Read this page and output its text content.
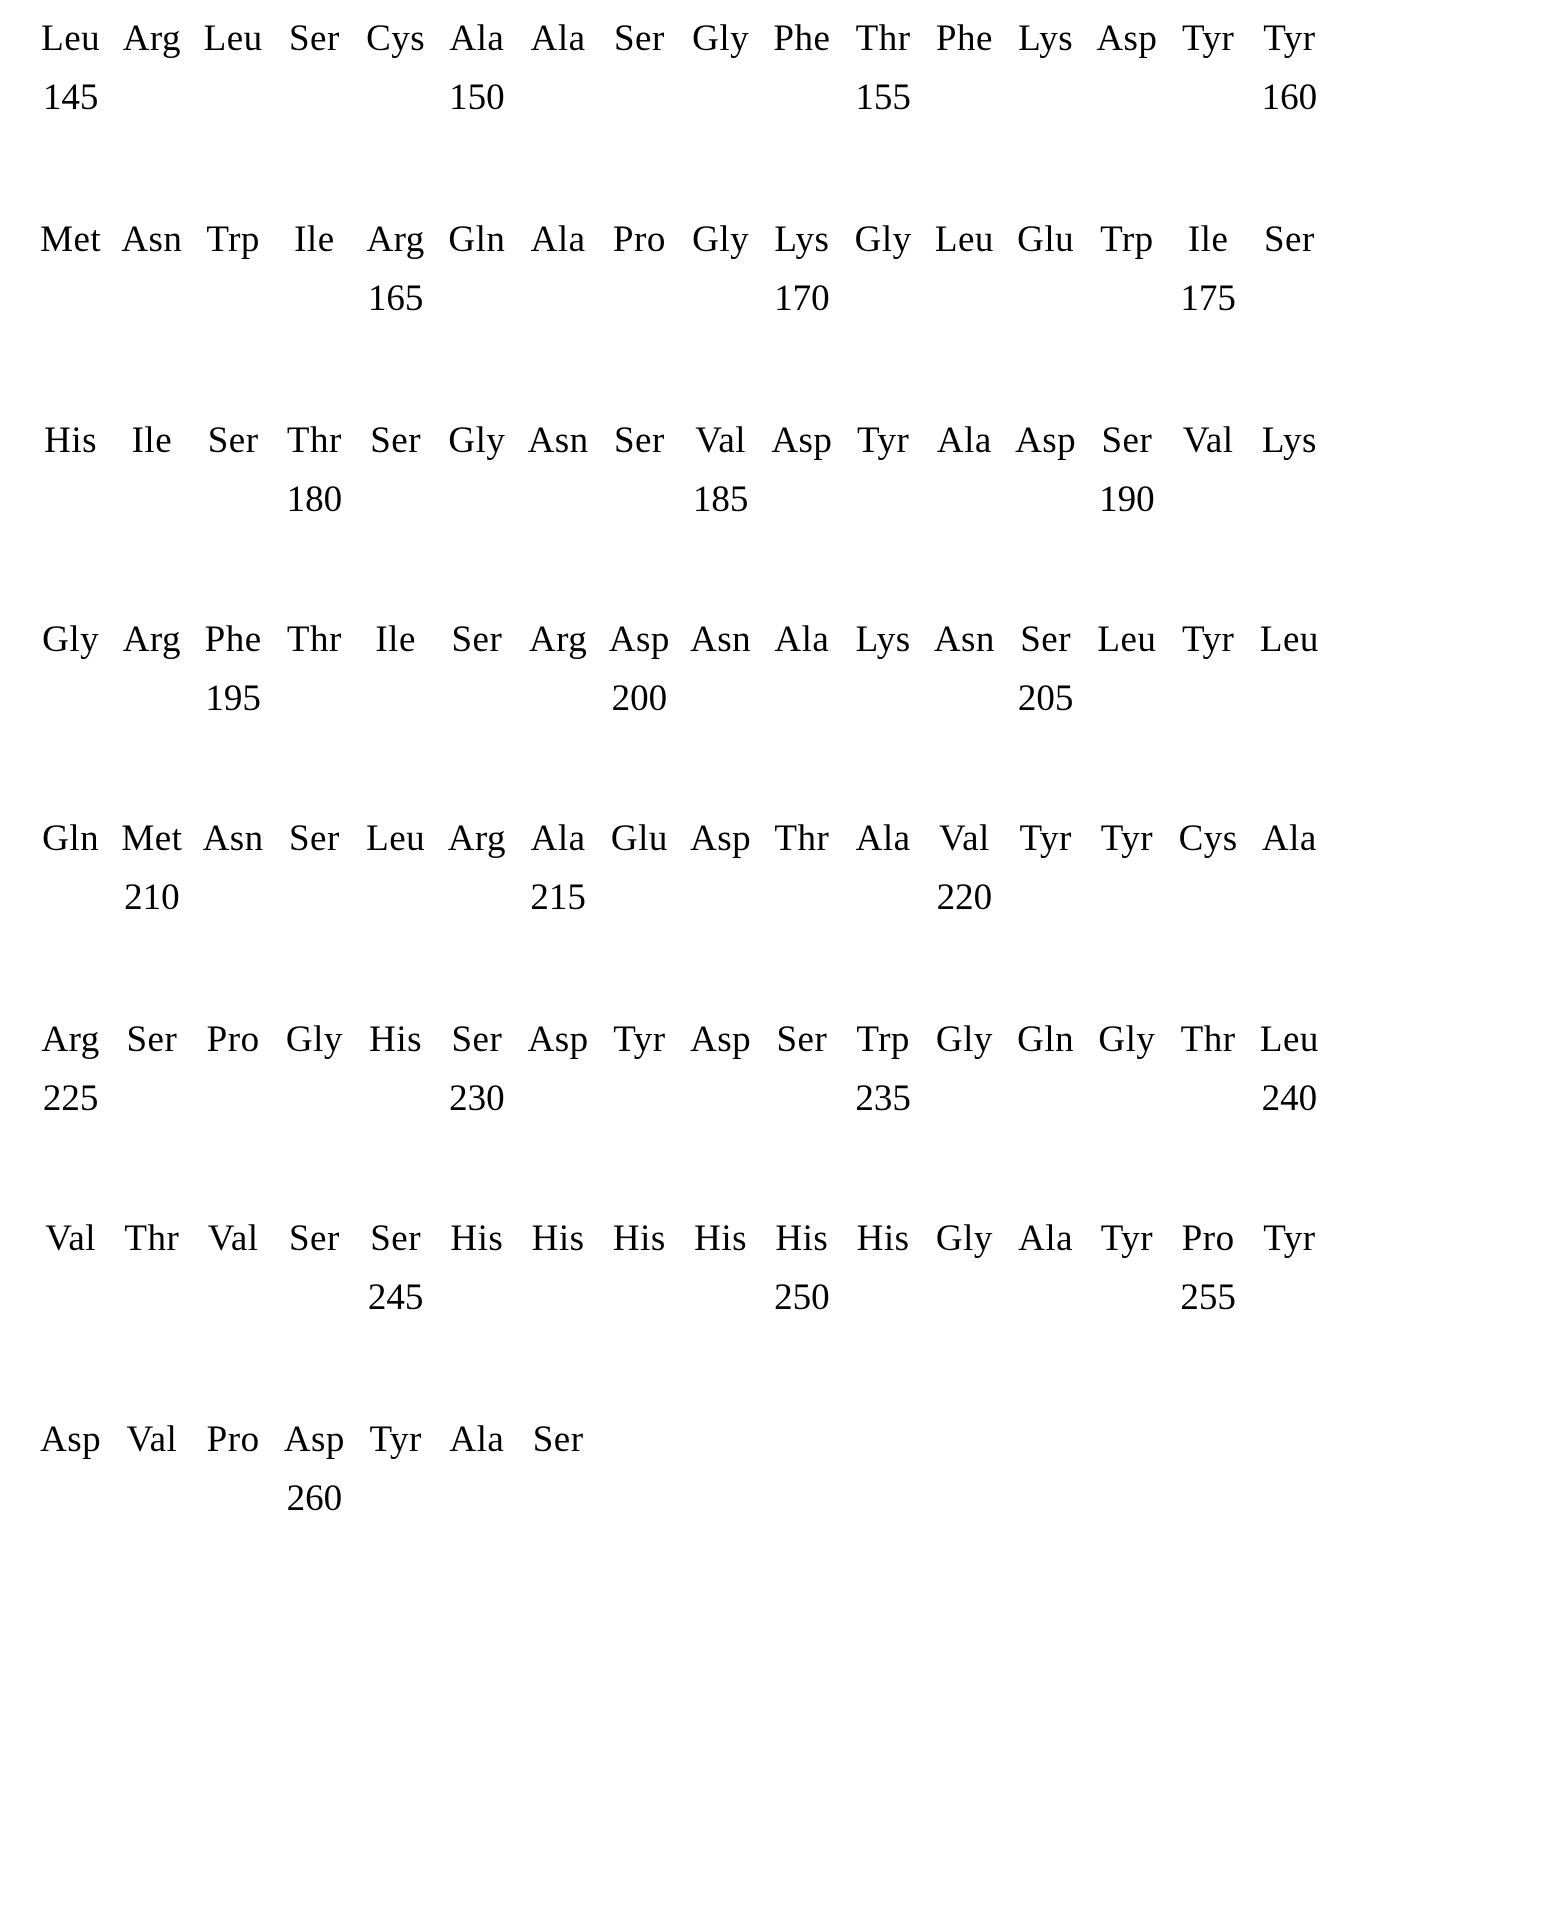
Leu Arg Leu Ser Cys Ala Ala Ser Gly Phe Thr Phe Lys Asp Tyr Tyr
145	150	155	160
Met Asn Trp Ile Arg Gln Ala Pro Gly Lys Gly Leu Glu Trp Ile Ser
165	170	175
His Ile Ser Thr Ser Gly Asn Ser Val Asp Tyr Ala Asp Ser Val Lys
180	185	190
Gly Arg Phe Thr Ile Ser Arg Asp Asn Ala Lys Asn Ser Leu Tyr Leu
195	200	205
Gln Met Asn Ser Leu Arg Ala Glu Asp Thr Ala Val Tyr Tyr Cys Ala
210	215	220
Arg Ser Pro Gly His Ser Asp Tyr Asp Ser Trp Gly Gln Gly Thr Leu
225	230	235	240
Val Thr Val Ser Ser His His His His His His Gly Ala Tyr Pro Tyr
245	250	255
Asp Val Pro Asp Tyr Ala Ser
260
